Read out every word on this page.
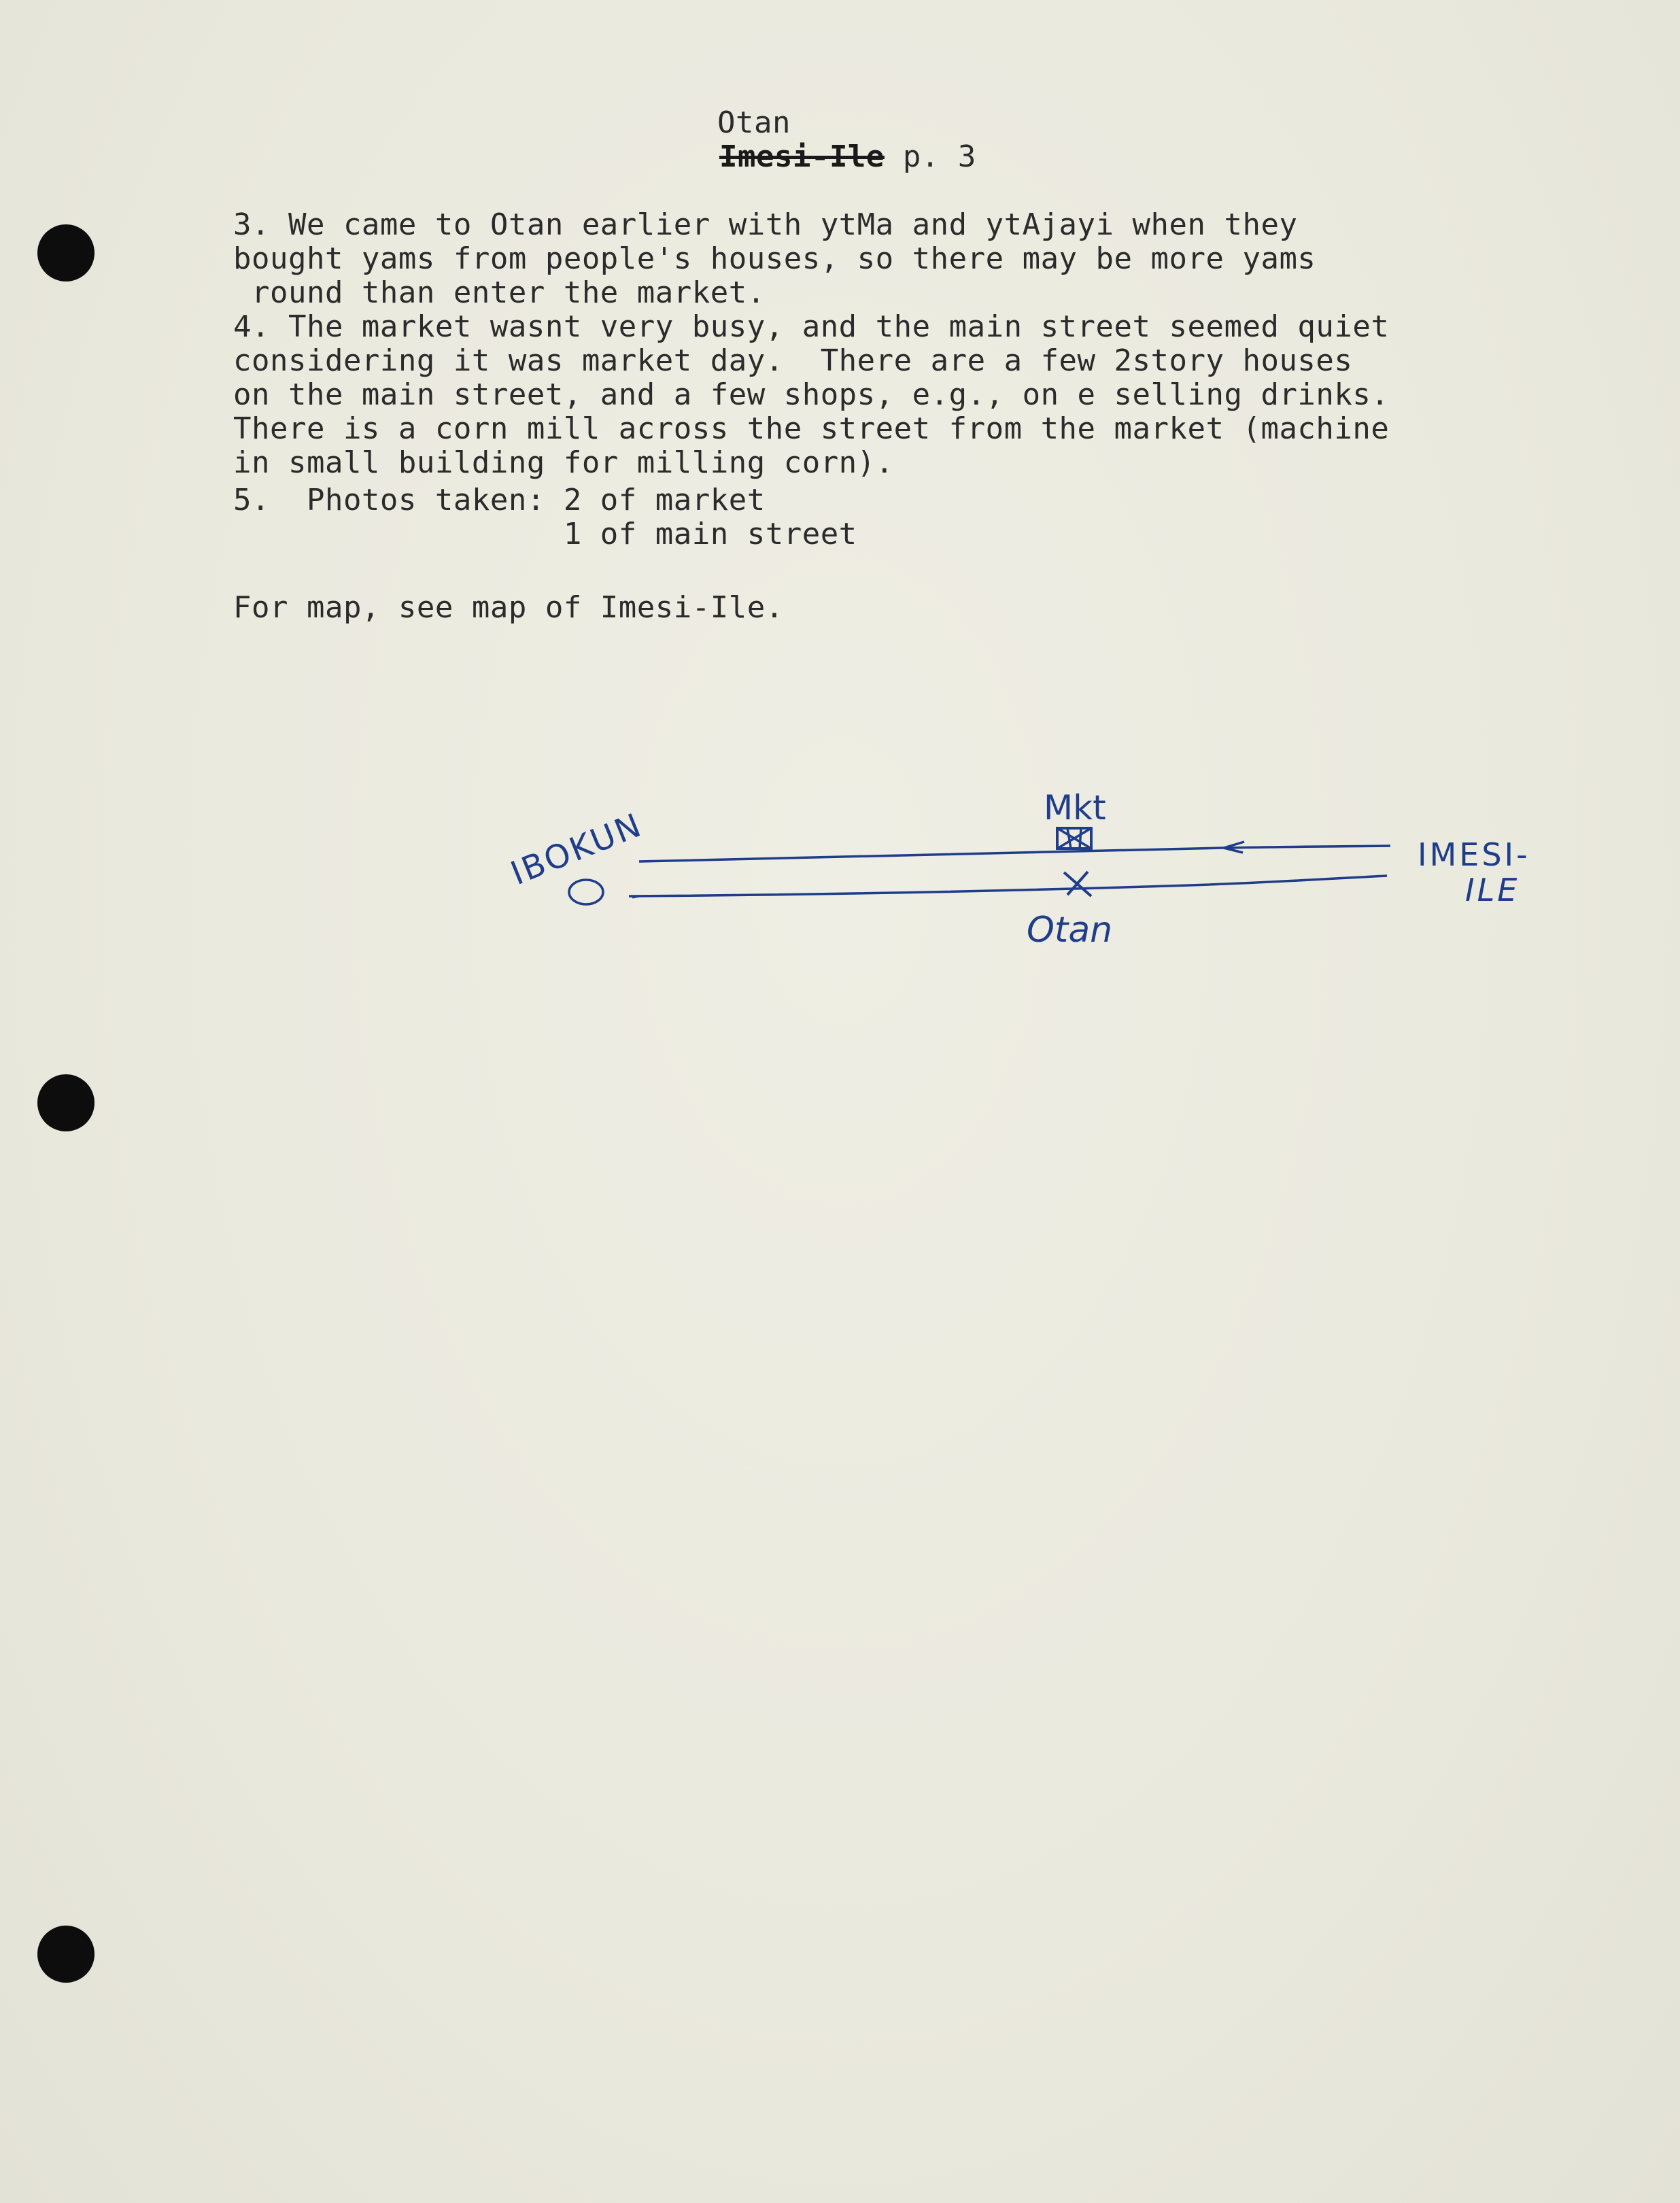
Otan
Imesi-Ile p. 3
3. We came to Otan earlier with ytMa and ytAjayi when they
bought yams from people's houses, so there may be more yams
round than enter the market.
4. The market wasnt very busy, and the main street seemed quiet
considering it was market day.  There are a few 2story houses
on the main street, and a few shops, e.g., on e selling drinks.
There is a corn mill across the street from the market (machine
in small building for milling corn).
5.  Photos taken: 2 of market
1 of main street
For map, see map of Imesi-Ile.
IBOKUN	Mkt
Otan
IMESI-
ILE
